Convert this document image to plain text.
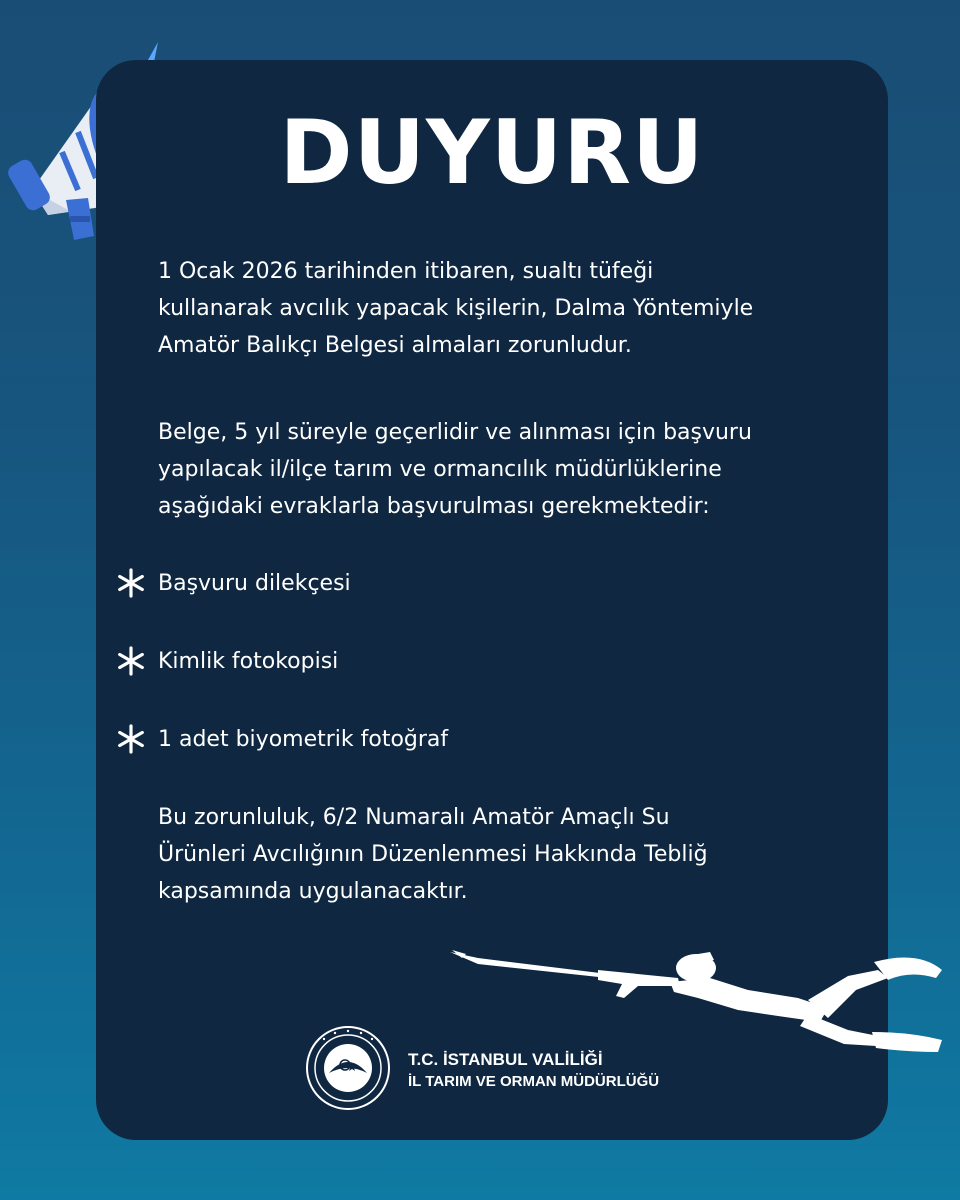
DUYURU

1 Ocak 2026 tarihinden itibaren, sualtı tüfeği
kullanarak avcılık yapacak kişilerin, Dalma Yöntemiyle
Amatör Balıkçı Belgesi almaları zorunludur.

Belge, 5 yıl süreyle geçerlidir ve alınması için başvuru
yapılacak il/ilçe tarım ve ormancılık müdürlüklerine
aşağıdaki evraklarla başvurulması gerekmektedir:

Başvuru dilekçesi
Kimlik fotokopisi
1 adet biyometrik fotoğraf

Bu zorunluluk, 6/2 Numaralı Amatör Amaçlı Su
Ürünleri Avcılığının Düzenlenmesi Hakkında Tebliğ
kapsamında uygulanacaktır.

T.C. İSTANBUL VALİLİĞİ
İL TARIM VE ORMAN MÜDÜRLÜĞÜ
